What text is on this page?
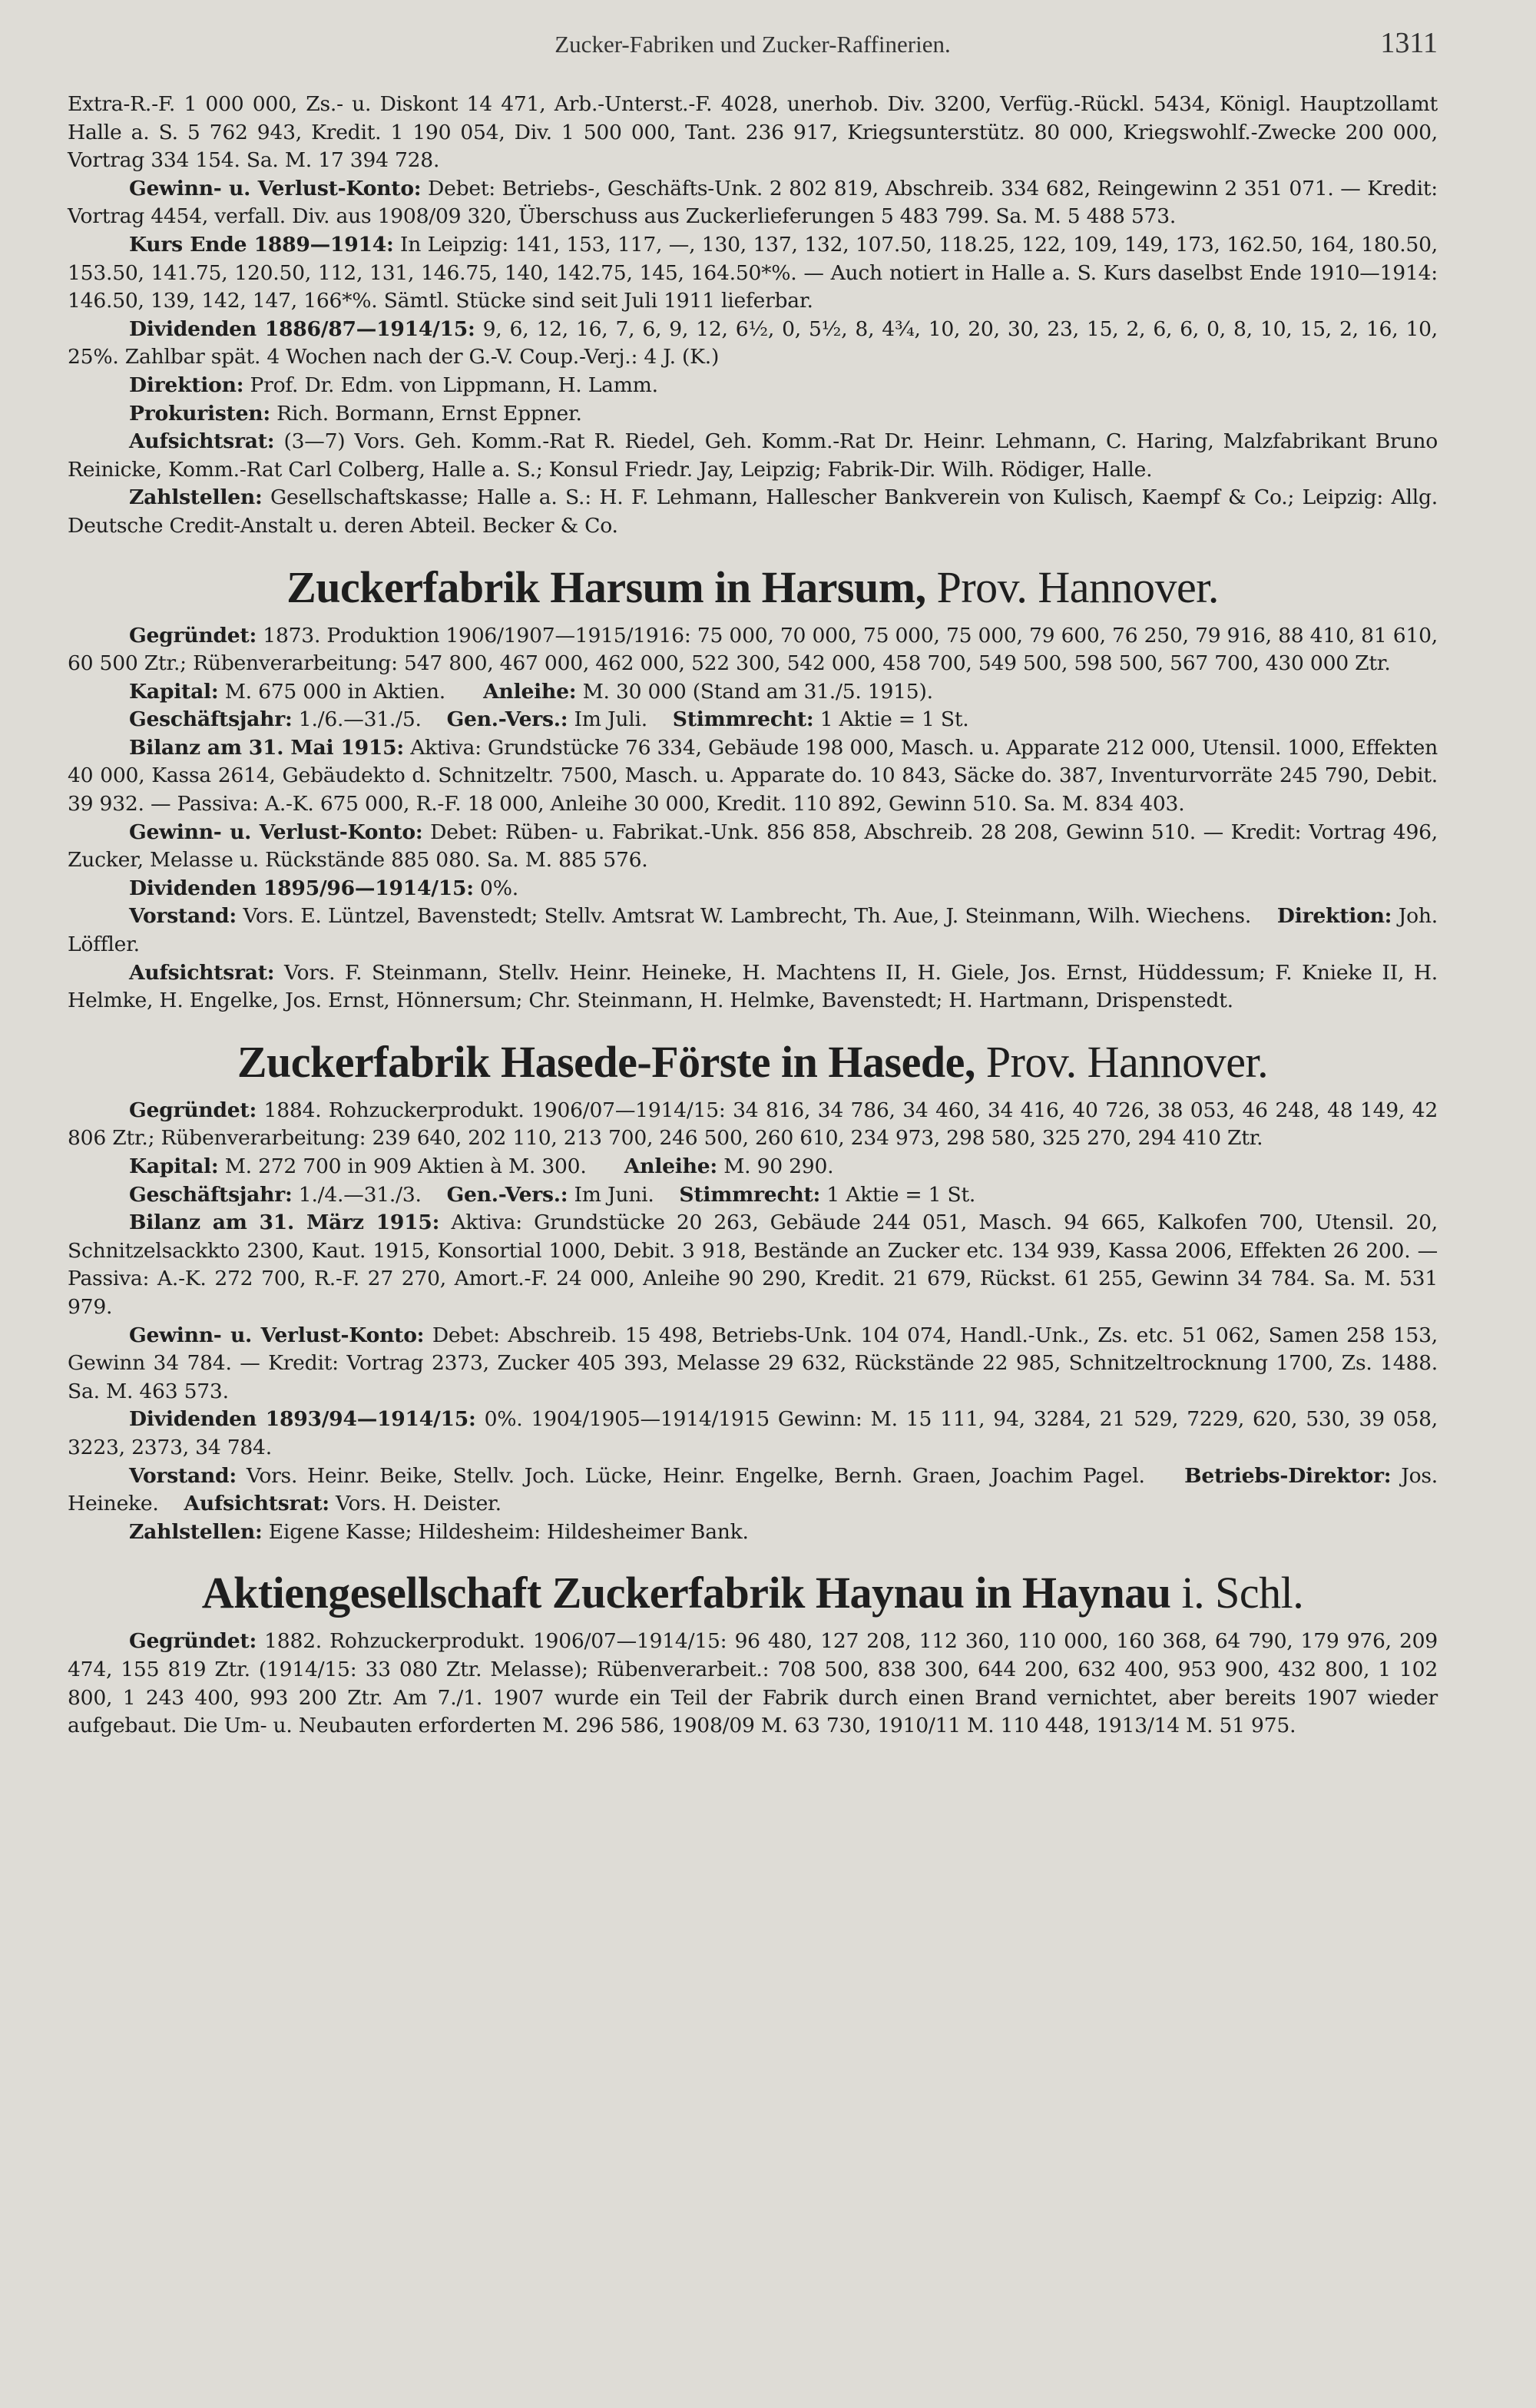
Zucker-Fabriken und Zucker-Raffinerien.	1311

Extra-R.-F. 1 000 000, Zs.- u. Diskont 14 471, Arb.-Unterst.-F. 4028, unerhob. Div. 3200, Verfüg.-Rückl. 5434, Königl. Hauptzollamt Halle a. S. 5 762 943, Kredit. 1 190 054, Div. 1 500 000, Tant. 236 917, Kriegsunterstütz. 80 000, Kriegswohlf.-Zwecke 200 000, Vortrag 334 154. Sa. M. 17 394 728.

Gewinn- u. Verlust-Konto: Debet: Betriebs-, Geschäfts-Unk. 2 802 819, Abschreib. 334 682, Reingewinn 2 351 071. — Kredit: Vortrag 4454, verfall. Div. aus 1908/09 320, Überschuss aus Zuckerlieferungen 5 483 799. Sa. M. 5 488 573.

Kurs Ende 1889—1914: In Leipzig: 141, 153, 117, —, 130, 137, 132, 107.50, 118.25, 122, 109, 149, 173, 162.50, 164, 180.50, 153.50, 141.75, 120.50, 112, 131, 146.75, 140, 142.75, 145, 164.50*%. — Auch notiert in Halle a. S. Kurs daselbst Ende 1910—1914: 146.50, 139, 142, 147, 166*%. Sämtl. Stücke sind seit Juli 1911 lieferbar.

Dividenden 1886/87—1914/15: 9, 6, 12, 16, 7, 6, 9, 12, 6½, 0, 5½, 8, 4¾, 10, 20, 30, 23, 15, 2, 6, 6, 0, 8, 10, 15, 2, 16, 10, 25%. Zahlbar spät. 4 Wochen nach der G.-V. Coup.-Verj.: 4 J. (K.)

Direktion: Prof. Dr. Edm. von Lippmann, H. Lamm.

Prokuristen: Rich. Bormann, Ernst Eppner.

Aufsichtsrat: (3—7) Vors. Geh. Komm.-Rat R. Riedel, Geh. Komm.-Rat Dr. Heinr. Lehmann, C. Haring, Malzfabrikant Bruno Reinicke, Komm.-Rat Carl Colberg, Halle a. S.; Konsul Friedr. Jay, Leipzig; Fabrik-Dir. Wilh. Rödiger, Halle.

Zahlstellen: Gesellschaftskasse; Halle a. S.: H. F. Lehmann, Hallescher Bankverein von Kulisch, Kaempf & Co.; Leipzig: Allg. Deutsche Credit-Anstalt u. deren Abteil. Becker & Co.

Zuckerfabrik Harsum in Harsum, Prov. Hannover.

Gegründet: 1873. Produktion 1906/1907—1915/1916: 75 000, 70 000, 75 000, 75 000, 79 600, 76 250, 79 916, 88 410, 81 610, 60 500 Ztr.; Rübenverarbeitung: 547 800, 467 000, 462 000, 522 300, 542 000, 458 700, 549 500, 598 500, 567 700, 430 000 Ztr.

Kapital: M. 675 000 in Aktien. Anleihe: M. 30 000 (Stand am 31./5. 1915).

Geschäftsjahr: 1./6.—31./5. Gen.-Vers.: Im Juli. Stimmrecht: 1 Aktie = 1 St.

Bilanz am 31. Mai 1915: Aktiva: Grundstücke 76 334, Gebäude 198 000, Masch. u. Apparate 212 000, Utensil. 1000, Effekten 40 000, Kassa 2614, Gebäudekto d. Schnitzeltr. 7500, Masch. u. Apparate do. 10 843, Säcke do. 387, Inventurvorräte 245 790, Debit. 39 932. — Passiva: A.-K. 675 000, R.-F. 18 000, Anleihe 30 000, Kredit. 110 892, Gewinn 510. Sa. M. 834 403.

Gewinn- u. Verlust-Konto: Debet: Rüben- u. Fabrikat.-Unk. 856 858, Abschreib. 28 208, Gewinn 510. — Kredit: Vortrag 496, Zucker, Melasse u. Rückstände 885 080. Sa. M. 885 576.

Dividenden 1895/96—1914/15: 0%.

Vorstand: Vors. E. Lüntzel, Bavenstedt; Stellv. Amtsrat W. Lambrecht, Th. Aue, J. Steinmann, Wilh. Wiechens. Direktion: Joh. Löffler.

Aufsichtsrat: Vors. F. Steinmann, Stellv. Heinr. Heineke, H. Machtens II, H. Giele, Jos. Ernst, Hüddessum; F. Knieke II, H. Helmke, H. Engelke, Jos. Ernst, Hönnersum; Chr. Steinmann, H. Helmke, Bavenstedt; H. Hartmann, Drispenstedt.

Zuckerfabrik Hasede-Förste in Hasede, Prov. Hannover.

Gegründet: 1884. Rohzuckerprodukt. 1906/07—1914/15: 34 816, 34 786, 34 460, 34 416, 40 726, 38 053, 46 248, 48 149, 42 806 Ztr.; Rübenverarbeitung: 239 640, 202 110, 213 700, 246 500, 260 610, 234 973, 298 580, 325 270, 294 410 Ztr.

Kapital: M. 272 700 in 909 Aktien à M. 300. Anleihe: M. 90 290.

Geschäftsjahr: 1./4.—31./3. Gen.-Vers.: Im Juni. Stimmrecht: 1 Aktie = 1 St.

Bilanz am 31. März 1915: Aktiva: Grundstücke 20 263, Gebäude 244 051, Masch. 94 665, Kalkofen 700, Utensil. 20, Schnitzelsackkto 2300, Kaut. 1915, Konsortial 1000, Debit. 3 918, Bestände an Zucker etc. 134 939, Kassa 2006, Effekten 26 200. — Passiva: A.-K. 272 700, R.-F. 27 270, Amort.-F. 24 000, Anleihe 90 290, Kredit. 21 679, Rückst. 61 255, Gewinn 34 784. Sa. M. 531 979.

Gewinn- u. Verlust-Konto: Debet: Abschreib. 15 498, Betriebs-Unk. 104 074, Handl.-Unk., Zs. etc. 51 062, Samen 258 153, Gewinn 34 784. — Kredit: Vortrag 2373, Zucker 405 393, Melasse 29 632, Rückstände 22 985, Schnitzeltrocknung 1700, Zs. 1488. Sa. M. 463 573.

Dividenden 1893/94—1914/15: 0%. 1904/1905—1914/1915 Gewinn: M. 15 111, 94, 3284, 21 529, 7229, 620, 530, 39 058, 3223, 2373, 34 784.

Vorstand: Vors. Heinr. Beike, Stellv. Joch. Lücke, Heinr. Engelke, Bernh. Graen, Joachim Pagel. Betriebs-Direktor: Jos. Heineke. Aufsichtsrat: Vors. H. Deister.

Zahlstellen: Eigene Kasse; Hildesheim: Hildesheimer Bank.

Aktiengesellschaft Zuckerfabrik Haynau in Haynau i. Schl.

Gegründet: 1882. Rohzuckerprodukt. 1906/07—1914/15: 96 480, 127 208, 112 360, 110 000, 160 368, 64 790, 179 976, 209 474, 155 819 Ztr. (1914/15: 33 080 Ztr. Melasse); Rübenverarbeit.: 708 500, 838 300, 644 200, 632 400, 953 900, 432 800, 1 102 800, 1 243 400, 993 200 Ztr. Am 7./1. 1907 wurde ein Teil der Fabrik durch einen Brand vernichtet, aber bereits 1907 wieder aufgebaut. Die Um- u. Neubauten erforderten M. 296 586, 1908/09 M. 63 730, 1910/11 M. 110 448, 1913/14 M. 51 975.
